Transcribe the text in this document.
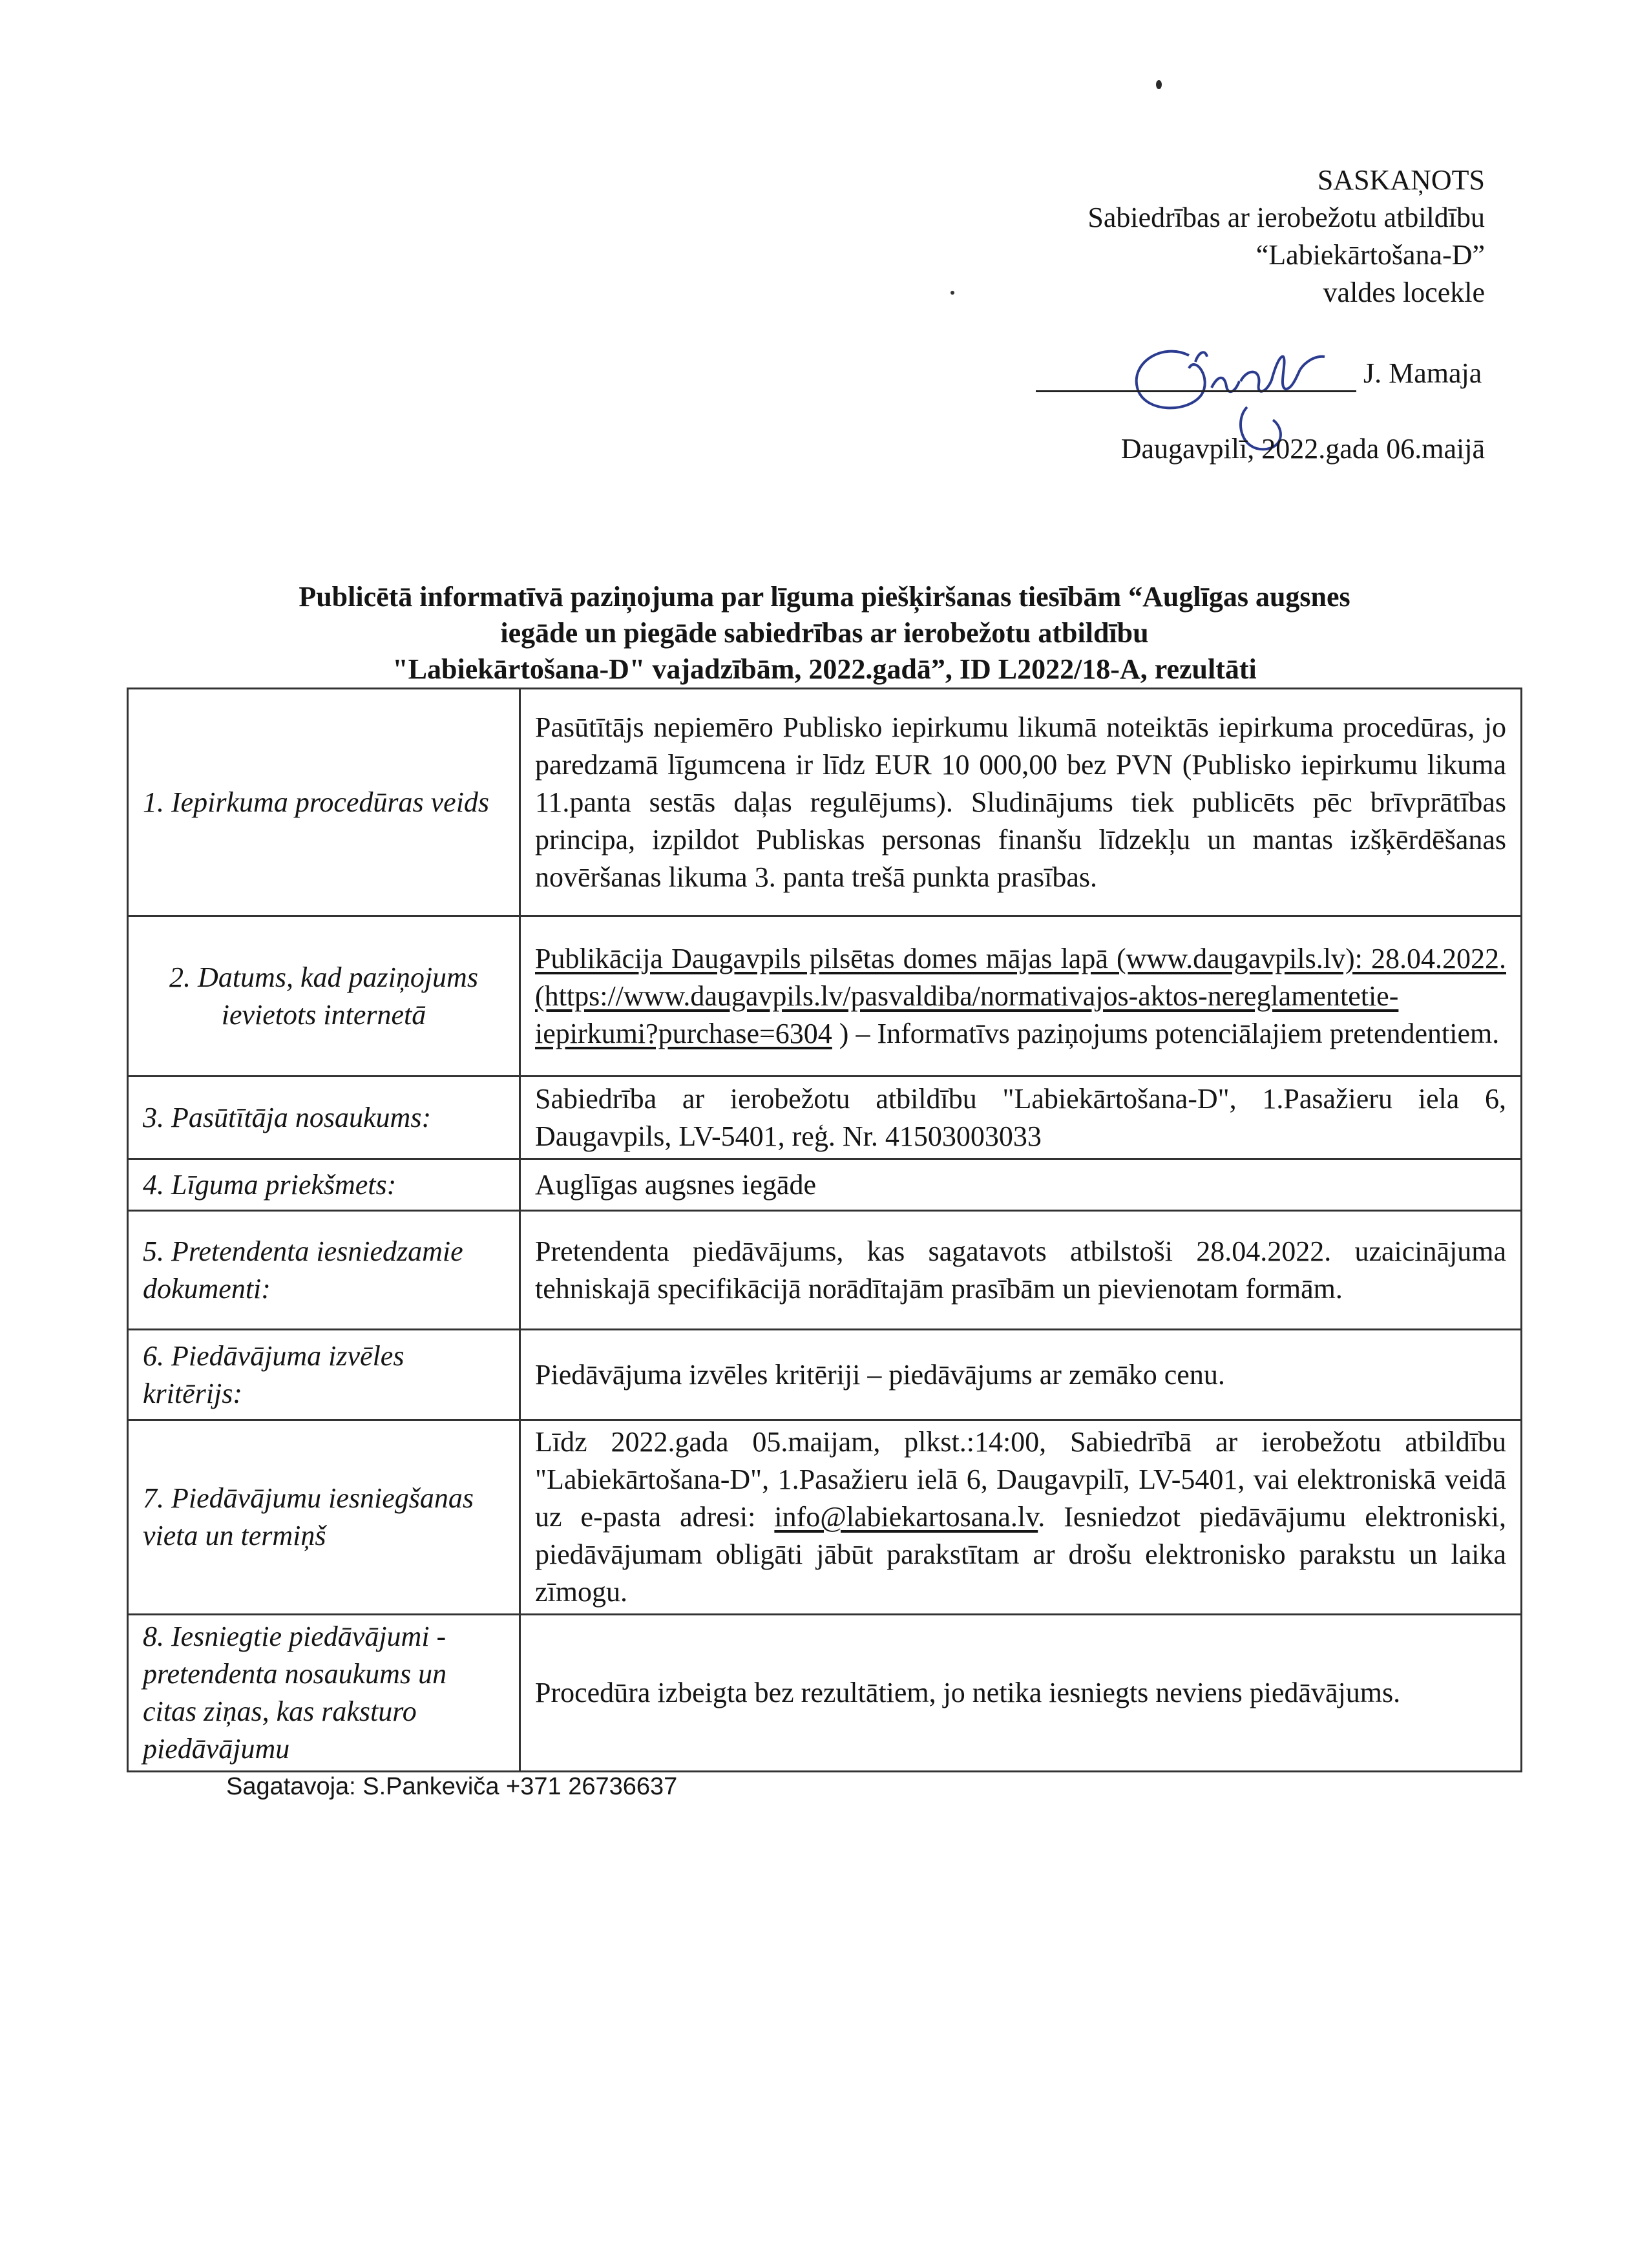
SASKAŅOTS
Sabiedrības ar ierobežotu atbildību
“Labiekārtošana-D”
valdes locekle
J. Mamaja
Daugavpilī, 2022.gada 06.maijā
Publicētā informatīvā paziņojuma par līguma piešķiršanas tiesībām “Auglīgas augsnes
iegāde un piegāde sabiedrības ar ierobežotu atbildību
"Labiekārtošana-D" vajadzībām, 2022.gadā”, ID L2022/18-A, rezultāti
1. Iepirkuma procedūras veids	Pasūtītājs nepiemēro Publisko iepirkumu likumā noteiktās iepirkuma procedūras, jo paredzamā līgumcena ir līdz EUR 10 000,00 bez PVN (Publisko iepirkumu likuma 11.panta sestās daļas regulējums). Sludinājums tiek publicēts pēc brīvprātības principa, izpildot Publiskas personas finanšu līdzekļu un mantas izšķērdēšanas novēršanas likuma 3. panta trešā punkta prasības.
2. Datums, kad paziņojums ievietots internetā	Publikācija Daugavpils pilsētas domes mājas lapā (www.daugavpils.lv): 28.04.2022. (https://www.daugavpils.lv/pasvaldiba/normativajos-aktos-nereglamentetie-iepirkumi?purchase=6304 ) – Informatīvs paziņojums potenciālajiem pretendentiem.
3. Pasūtītāja nosaukums:	Sabiedrība ar ierobežotu atbildību "Labiekārtošana-D", 1.Pasažieru iela 6, Daugavpils, LV-5401, reģ. Nr. 41503003033
4. Līguma priekšmets:	Auglīgas augsnes iegāde
5. Pretendenta iesniedzamie dokumenti:	Pretendenta piedāvājums, kas sagatavots atbilstoši 28.04.2022. uzaicinājuma tehniskajā specifikācijā norādītajām prasībām un pievienotam formām.
6. Piedāvājuma izvēles kritērijs:	Piedāvājuma izvēles kritēriji – piedāvājums ar zemāko cenu.
7. Piedāvājumu iesniegšanas vieta un termiņš	Līdz 2022.gada 05.maijam, plkst.:14:00, Sabiedrībā ar ierobežotu atbildību "Labiekārtošana-D", 1.Pasažieru ielā 6, Daugavpilī, LV-5401, vai elektroniskā veidā uz e-pasta adresi: info@labiekartosana.lv. Iesniedzot piedāvājumu elektroniski, piedāvājumam obligāti jābūt parakstītam ar drošu elektronisko parakstu un laika zīmogu.
8. Iesniegtie piedāvājumi - pretendenta nosaukums un citas ziņas, kas raksturo piedāvājumu	Procedūra izbeigta bez rezultātiem, jo netika iesniegts neviens piedāvājums.
Sagatavoja: S.Pankeviča +371 26736637
